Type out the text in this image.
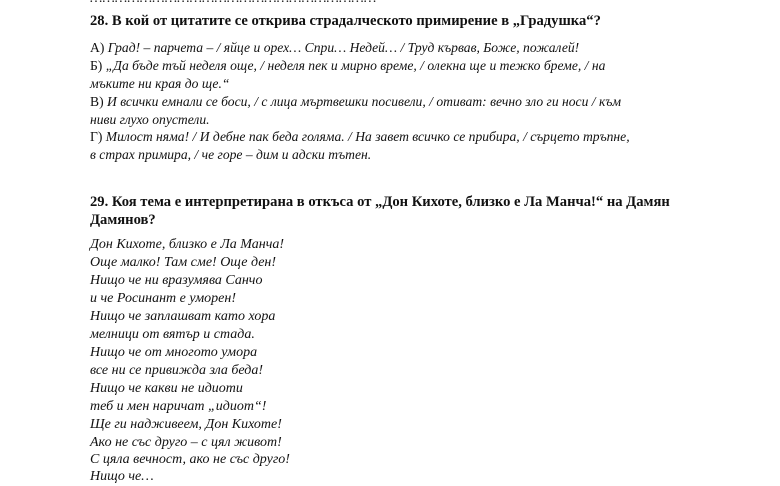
28. В кой от цитатите се открива страдалческото примирение в „Градушка“?
А) Град! – парчета – / яйце и орех… Спри… Недей… / Труд кървав, Боже, пожалей!
Б) „Да бъде тъй неделя още, / неделя пек и мирно време, / олекна ще и тежко бреме, / на
мъките ни края до ще.“
В) И всички емнали се боси, / с лица мъртвешки посивели, / отиват: вечно зло ги носи / към
ниви глухо опустели.
Г) Милост няма! / И дебне пак беда голяма. / На завет всичко се прибира, / сърцето тръпне,
в страх примира, / че горе – дим и адски тътен.
29. Коя тема е интерпретирана в откъса от „Дон Кихоте, близко е Ла Манча!“ на Дамян
Дамянов?
Дон Кихоте, близко е Ла Манча!
Още малко! Там сме! Още ден!
Нищо че ни вразумява Санчо
и че Росинант е уморен!
Нищо че заплашват като хора
мелници от вятър и стада.
Нищо че от многото умора
все ни се привижда зла беда!
Нищо че какви не идиоти
теб и мен наричат „идиот“!
Ще ги надживеем, Дон Кихоте!
Ако не със друго – с цял живот!
С цяла вечност, ако не със друго!
Нищо че…
